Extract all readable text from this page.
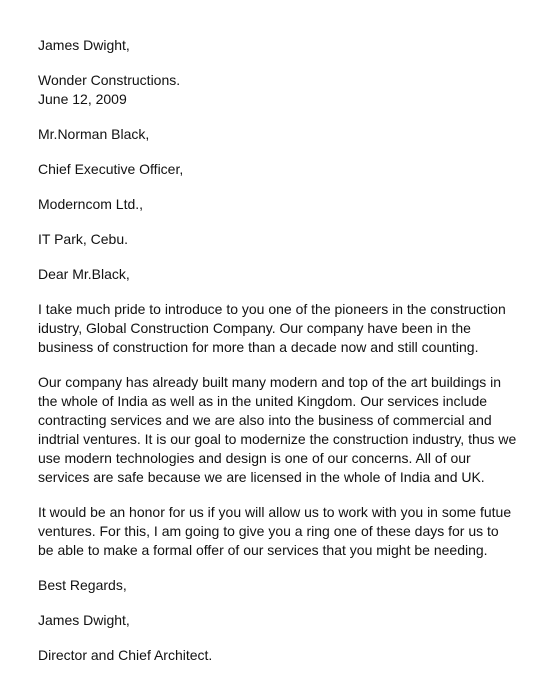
James Dwight,
Wonder Constructions.
June 12, 2009
Mr.Norman Black,
Chief Executive Officer,
Moderncom Ltd.,
IT Park, Cebu.
Dear Mr.Black,
I take much pride to introduce to you one of the pioneers in the construction
idustry, Global Construction Company. Our company have been in the
business of construction for more than a decade now and still counting.
Our company has already built many modern and top of the art buildings in
the whole of India as well as in the united Kingdom. Our services include
contracting services and we are also into the business of commercial and
indtrial ventures. It is our goal to modernize the construction industry, thus we
use modern technologies and design is one of our concerns. All of our
services are safe because we are licensed in the whole of India and UK.
It would be an honor for us if you will allow us to work with you in some futue
ventures. For this, I am going to give you a ring one of these days for us to
be able to make a formal offer of our services that you might be needing.
Best Regards,
James Dwight,
Director and Chief Architect.
